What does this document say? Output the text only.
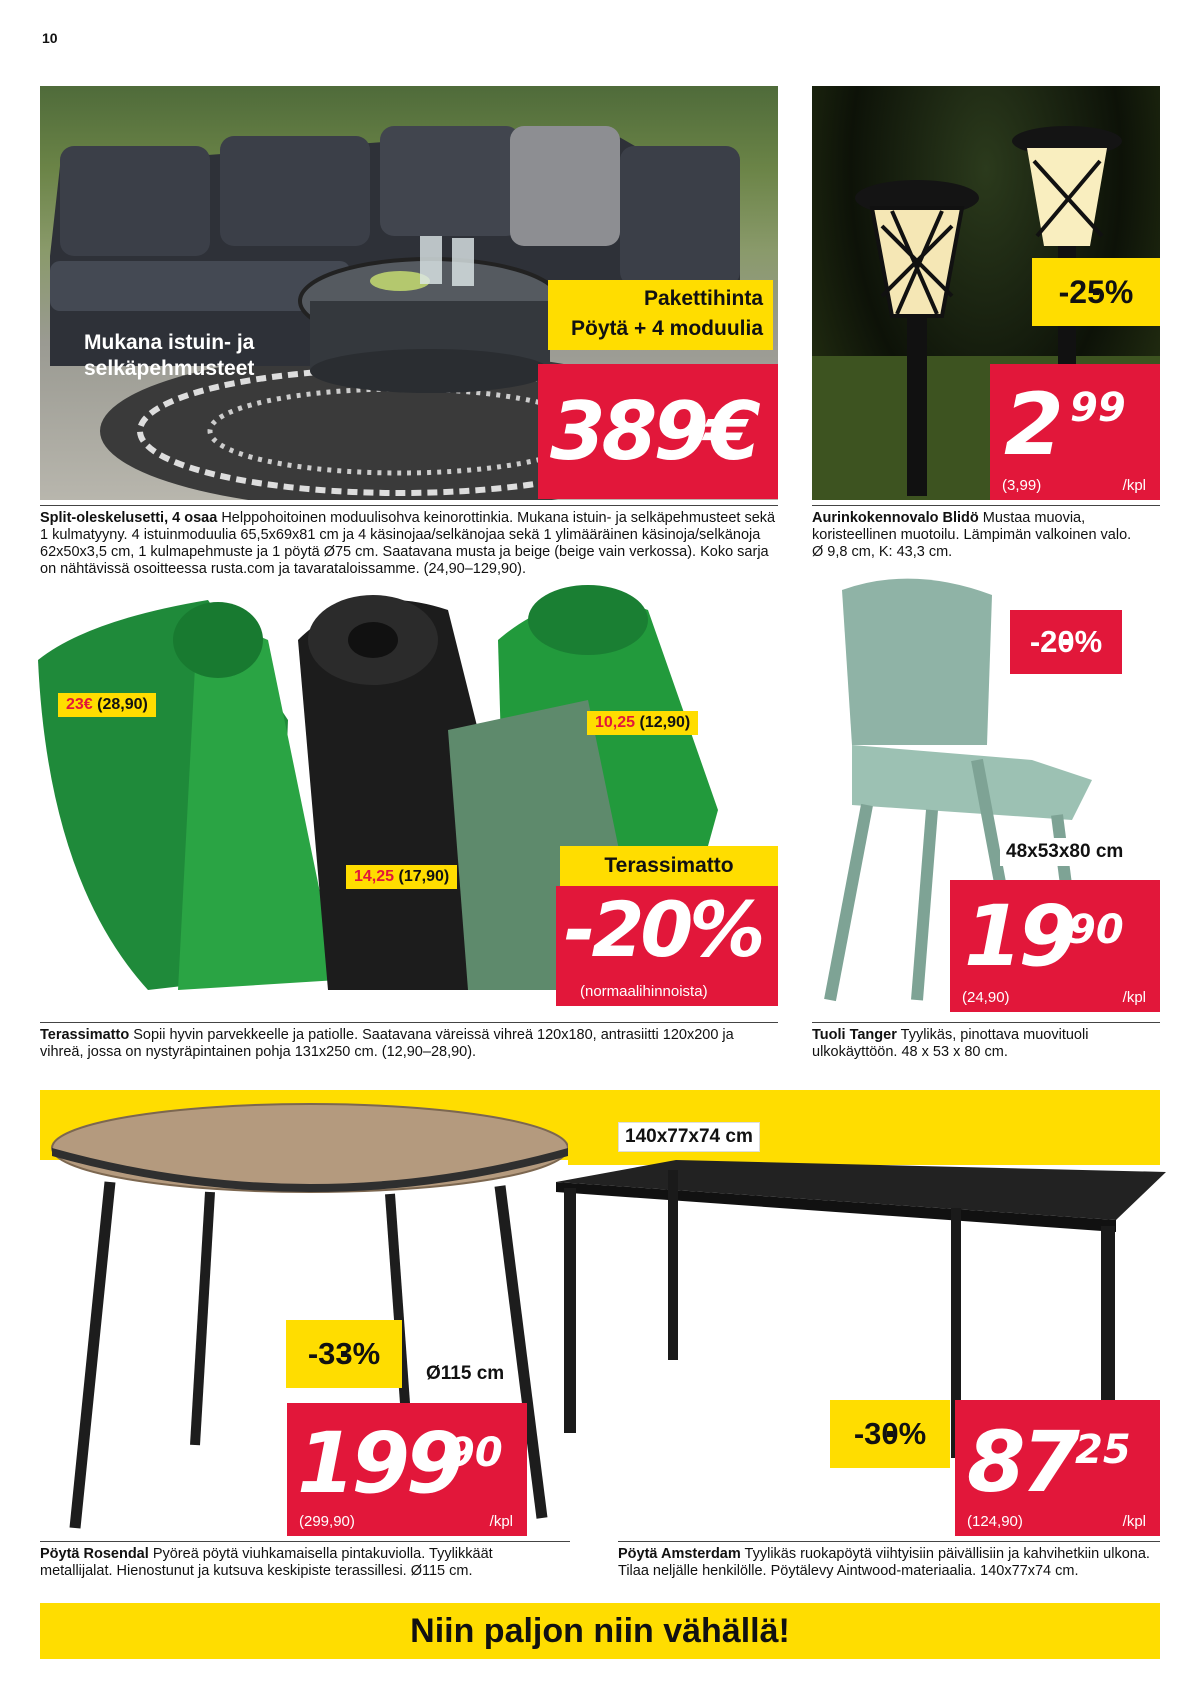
10
Mukana istuin- ja selkäpehmusteet
Pakettihinta
Pöytä + 4 moduulia
389€
Split-oleskelusetti, 4 osaa Helppohoitoinen moduulisohva keinorottinkia. Mukana istuin- ja selkäpehmusteet sekä 1 kulmatyyny. 4 istuinmoduulia 65,5x69x81 cm ja 4 käsinojaa/selkänojaa sekä 1 ylimääräinen käsinoja/selkänoja 62x50x3,5 cm, 1 kulmapehmuste ja 1 pöytä Ø75 cm. Saatavana musta ja beige (beige vain verkossa). Koko sarja on nähtävissä osoitteessa rusta.com ja tavarataloissamme. (24,90–129,90).
-25%
2 99
(3,99)	/kpl
Aurinkokennovalo Blidö Mustaa muovia, koristeellinen muotoilu. Lämpimän valkoinen valo. Ø 9,8 cm, K: 43,3 cm.
23€ (28,90)
10,25 (12,90)
14,25 (17,90)	Terassimatto
-20%
(normaalihinnoista)
Terassimatto Sopii hyvin parvekkeelle ja patiolle. Saatavana väreissä vihreä 120x180, antrasiitti 120x200 ja vihreä, jossa on nystyräpintainen pohja 131x250 cm. (12,90–28,90).
-20%
48x53x80 cm
19
90
(24,90)	/kpl
Tuoli Tanger Tyylikäs, pinottava muovituoli ulkokäyttöön. 48 x 53 x 80 cm.
-33%
Ø115 cm
199
90
(299,90)	/kpl
Pöytä Rosendal Pyöreä pöytä viuhkamaisella pintakuviolla. Tyylikkäät metallijalat. Hienostunut ja kutsuva keskipiste terassillesi. Ø115 cm.
140x77x74 cm
-30% 87 25
(124,90)	/kpl
Pöytä Amsterdam Tyylikäs ruokapöytä viihtyisiin päivällisiin ja kahvihetkiin ulkona. Tilaa neljälle henkilölle. Pöytälevy Aintwood-materiaalia. 140x77x74 cm.
Niin paljon niin vähällä!
